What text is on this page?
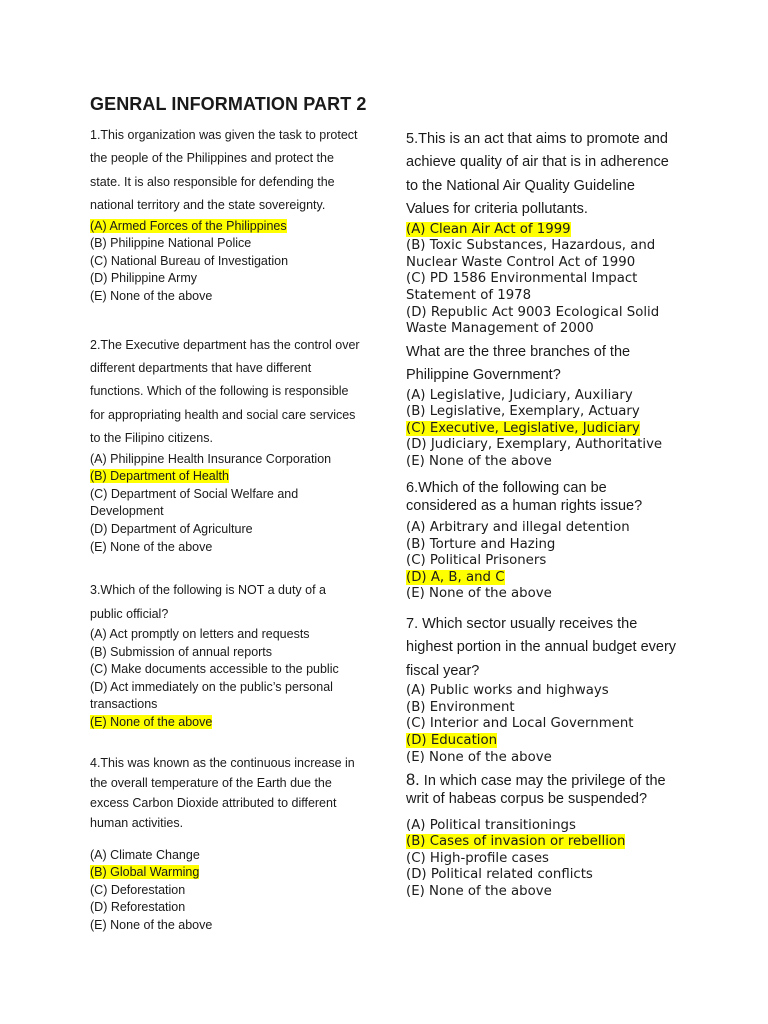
GENRAL INFORMATION PART 2
1.This organization was given the task to protect the people of the Philippines and protect the state. It is also responsible for defending the national territory and the state sovereignty.
(A) Armed Forces of the Philippines
(B) Philippine National Police
(C) National Bureau of Investigation
(D) Philippine Army
(E) None of the above
2.The Executive department has the control over different departments that have different functions. Which of the following is responsible for appropriating health and social care services to the Filipino citizens.
(A) Philippine Health Insurance Corporation
(B) Department of Health
(C) Department of Social Welfare and Development
(D) Department of Agriculture
(E) None of the above
3.Which of the following is NOT a duty of a public official?
(A) Act promptly on letters and requests
(B) Submission of annual reports
(C) Make documents accessible to the public
(D) Act immediately on the public’s personal transactions
(E) None of the above
4.This was known as the continuous increase in the overall temperature of the Earth due the excess Carbon Dioxide attributed to different human activities.
(A) Climate Change
(B) Global Warming
(C) Deforestation
(D) Reforestation
(E) None of the above
5.This is an act that aims to promote and achieve quality of air that is in adherence to the National Air Quality Guideline Values for criteria pollutants.
(A) Clean Air Act of 1999
(B) Toxic Substances, Hazardous, and Nuclear Waste Control Act of 1990
(C) PD 1586 Environmental Impact Statement of 1978
(D) Republic Act 9003 Ecological Solid Waste Management of 2000
What are the three branches of the Philippine Government?
(A) Legislative, Judiciary, Auxiliary
(B) Legislative, Exemplary, Actuary
(C) Executive, Legislative, Judiciary
(D) Judiciary, Exemplary, Authoritative
(E) None of the above
6.Which of the following can be considered as a human rights issue?
(A) Arbitrary and illegal detention
(B) Torture and Hazing
(C) Political Prisoners
(D) A, B, and C
(E) None of the above
7. Which sector usually receives the highest portion in the annual budget every fiscal year?
(A) Public works and highways
(B) Environment
(C) Interior and Local Government
(D) Education
(E) None of the above
8. In which case may the privilege of the writ of habeas corpus be suspended?
(A) Political transitionings
(B) Cases of invasion or rebellion
(C) High-profile cases
(D) Political related conflicts
(E) None of the above
